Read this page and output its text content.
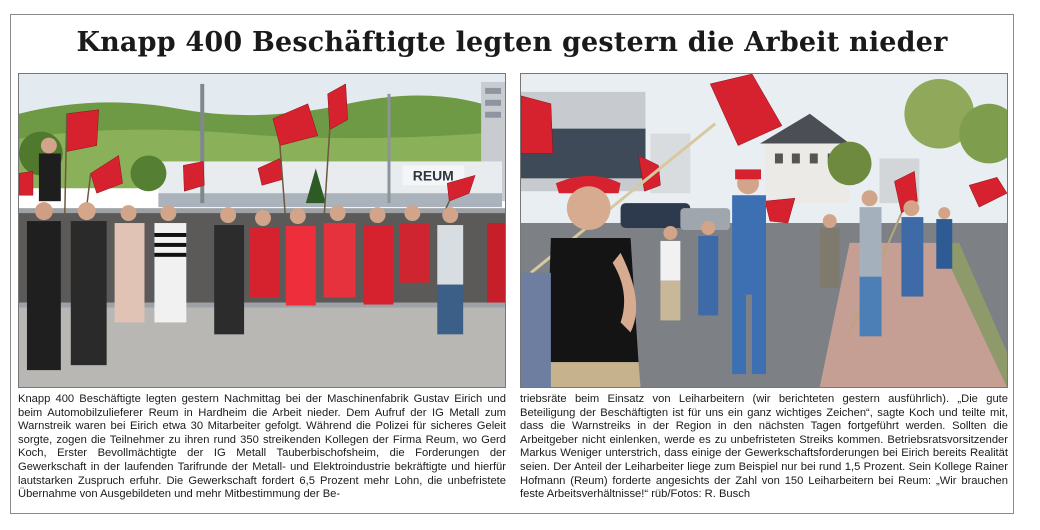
Knapp 400 Beschäftigte legten gestern die Arbeit nieder
REUM

Knapp 400 Beschäftigte legten gestern Nachmittag bei der Maschinenfabrik Gustav Eirich und beim Automobilzulieferer Reum in Hardheim die Arbeit nieder. Dem Aufruf der IG Metall zum Warnstreik waren bei Eirich etwa 30 Mitarbeiter gefolgt. Während die Polizei für sicheres Geleit sorgte, zogen die Teilnehmer zu ihren rund 350 streikenden Kollegen der Firma Reum, wo Gerd Koch, Erster Bevollmächtigte der IG Metall Tauberbischofsheim, die Forderungen der Gewerkschaft in der laufenden Tarifrunde der Metall- und Elektroindustrie bekräftigte und hierfür lautstarken Zuspruch erfuhr. Die Gewerkschaft fordert 6,5 Prozent mehr Lohn, die unbefristete Übernahme von Ausgebildeten und mehr Mitbestimmung der Be-

triebsräte beim Einsatz von Leiharbeitern (wir berichteten gestern ausführlich). „Die gute Beteiligung der Beschäftigten ist für uns ein ganz wichtiges Zeichen“, sagte Koch und teilte mit, dass die Warnstreiks in der Region in den nächsten Tagen fortgeführt werden. Sollten die Arbeitgeber nicht einlenken, werde es zu unbefristeten Streiks kommen. Betriebsratsvorsitzender Markus Weniger unterstrich, dass einige der Gewerkschaftsforderungen bei Eirich bereits Realität seien. Der Anteil der Leiharbeiter liege zum Beispiel nur bei rund 1,5 Prozent. Sein Kollege Rainer Hofmann (Reum) forderte angesichts der Zahl von 150 Leiharbeitern bei Reum: „Wir brauchen feste Arbeitsverhältnisse!“ rüb/Fotos: R. Busch
